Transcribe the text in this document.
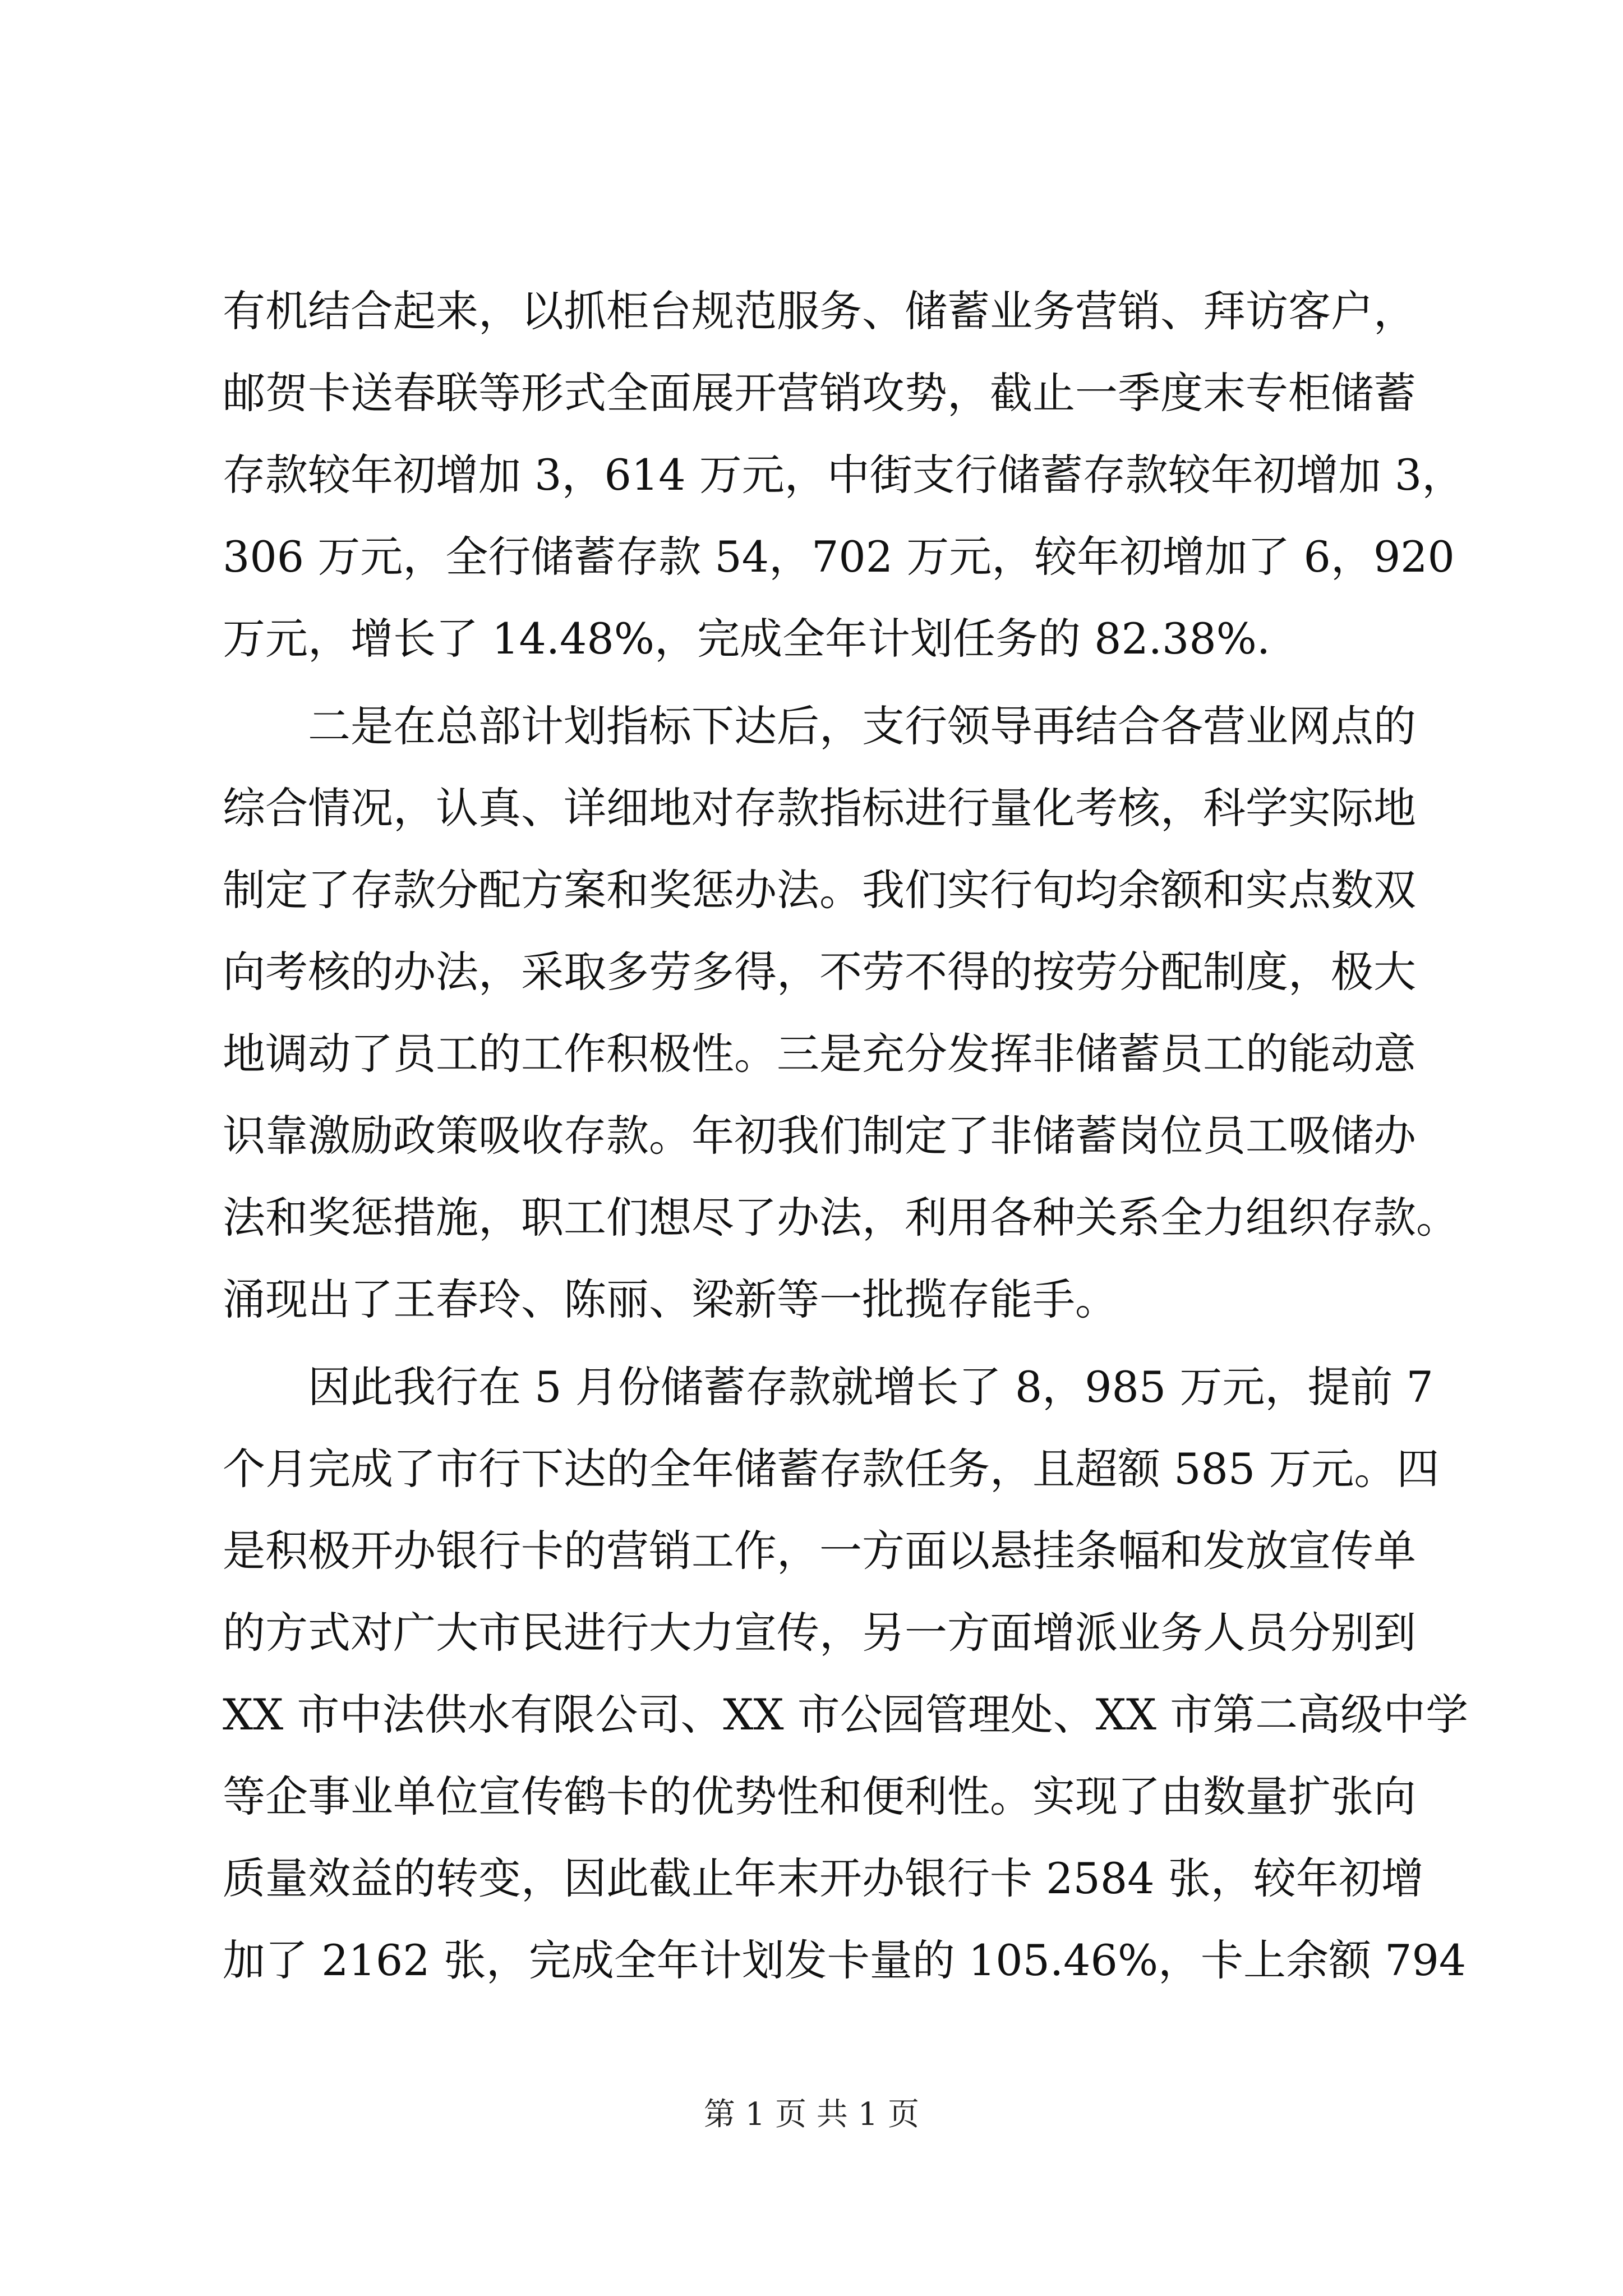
有机结合起来，以抓柜台规范服务、储蓄业务营销、拜访客户，
邮贺卡送春联等形式全面展开营销攻势，截止一季度末专柜储蓄
存款较年初增加 3，614 万元，中街支行储蓄存款较年初增加 3，
306 万元，全行储蓄存款 54，702 万元，较年初增加了 6，920
万元，增长了 14.48%，完成全年计划任务的 82.38%.
二是在总部计划指标下达后，支行领导再结合各营业网点的
综合情况，认真、详细地对存款指标进行量化考核，科学实际地
制定了存款分配方案和奖惩办法。我们实行旬均余额和实点数双
向考核的办法，采取多劳多得，不劳不得的按劳分配制度，极大
地调动了员工的工作积极性。三是充分发挥非储蓄员工的能动意
识靠激励政策吸收存款。年初我们制定了非储蓄岗位员工吸储办
法和奖惩措施，职工们想尽了办法，利用各种关系全力组织存款。
涌现出了王春玲、陈丽、梁新等一批揽存能手。
因此我行在 5 月份储蓄存款就增长了 8，985 万元，提前 7
个月完成了市行下达的全年储蓄存款任务，且超额 585 万元。四
是积极开办银行卡的营销工作，一方面以悬挂条幅和发放宣传单
的方式对广大市民进行大力宣传，另一方面增派业务人员分别到
XX 市中法供水有限公司、XX 市公园管理处、XX 市第二高级中学
等企事业单位宣传鹤卡的优势性和便利性。实现了由数量扩张向
质量效益的转变，因此截止年末开办银行卡 2584 张，较年初增
加了 2162 张，完成全年计划发卡量的 105.46%，卡上余额 794
第 1 页 共 1 页
